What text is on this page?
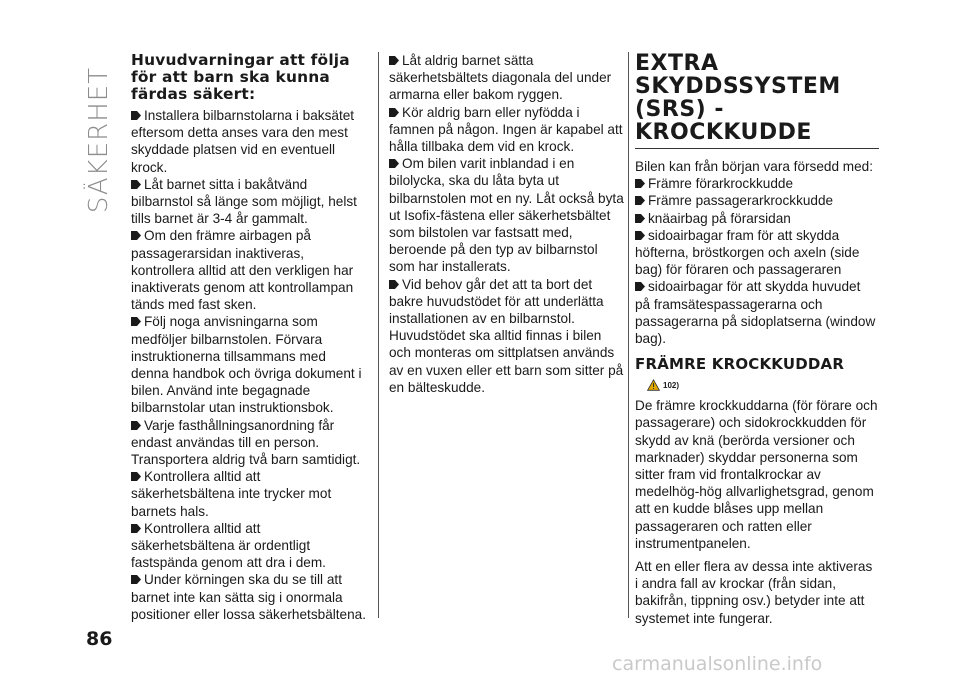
SÄKERHET
Huvudvarningar att följa för att barn ska kunna färdas säkert:

Installera bilbarnstolarna i baksätet eftersom detta anses vara den mest skyddade platsen vid en eventuell krock.

Låt barnet sitta i bakåtvänd bilbarnstol så länge som möjligt, helst tills barnet är 3-4 år gammalt.

Om den främre airbagen på passagerarsidan inaktiveras, kontrollera alltid att den verkligen har inaktiverats genom att kontrollampan tänds med fast sken.

Följ noga anvisningarna som medföljer bilbarnstolen. Förvara instruktionerna tillsammans med denna handbok och övriga dokument i bilen. Använd inte begagnade bilbarnstolar utan instruktionsbok.

Varje fasthållningsanordning får endast användas till en person. Transportera aldrig två barn samtidigt.

Kontrollera alltid att säkerhetsbältena inte trycker mot barnets hals.

Kontrollera alltid att säkerhetsbältena är ordentligt fastspända genom att dra i dem.

Under körningen ska du se till att barnet inte kan sätta sig i onormala positioner eller lossa säkerhetsbältena.

Låt aldrig barnet sätta säkerhetsbältets diagonala del under armarna eller bakom ryggen.

Kör aldrig barn eller nyfödda i famnen på någon. Ingen är kapabel att hålla tillbaka dem vid en krock.

Om bilen varit inblandad i en bilolycka, ska du låta byta ut bilbarnstolen mot en ny. Låt också byta ut Isofix-fästena eller säkerhetsbältet som bilstolen var fastsatt med, beroende på den typ av bilbarnstol som har installerats.

Vid behov går det att ta bort det bakre huvudstödet för att underlätta installationen av en bilbarnstol. Huvudstödet ska alltid finnas i bilen och monteras om sittplatsen används av en vuxen eller ett barn som sitter på en bälteskudde.

EXTRA SKYDDSSYSTEM (SRS) - KROCKKUDDE

Bilen kan från början vara försedd med:

Främre förarkrockkudde

Främre passagerarkrockkudde

knäairbag på förarsidan

sidoairbagar fram för att skydda höfterna, bröstkorgen och axeln (side bag) för föraren och passageraren

sidoairbagar för att skydda huvudet på framsätespassagerarna och passagerarna på sidoplatserna (window bag).

FRÄMRE KROCKKUDDAR
102)

De främre krockkuddarna (för förare och passagerare) och sidokrockkudden för skydd av knä (berörda versioner och marknader) skyddar personerna som sitter fram vid frontalkrockar av medelhög-hög allvarlighetsgrad, genom att en kudde blåses upp mellan passageraren och ratten eller instrumentpanelen.

Att en eller flera av dessa inte aktiveras i andra fall av krockar (från sidan, bakifrån, tippning osv.) betyder inte att systemet inte fungerar.

86
carmanualsonline.info
